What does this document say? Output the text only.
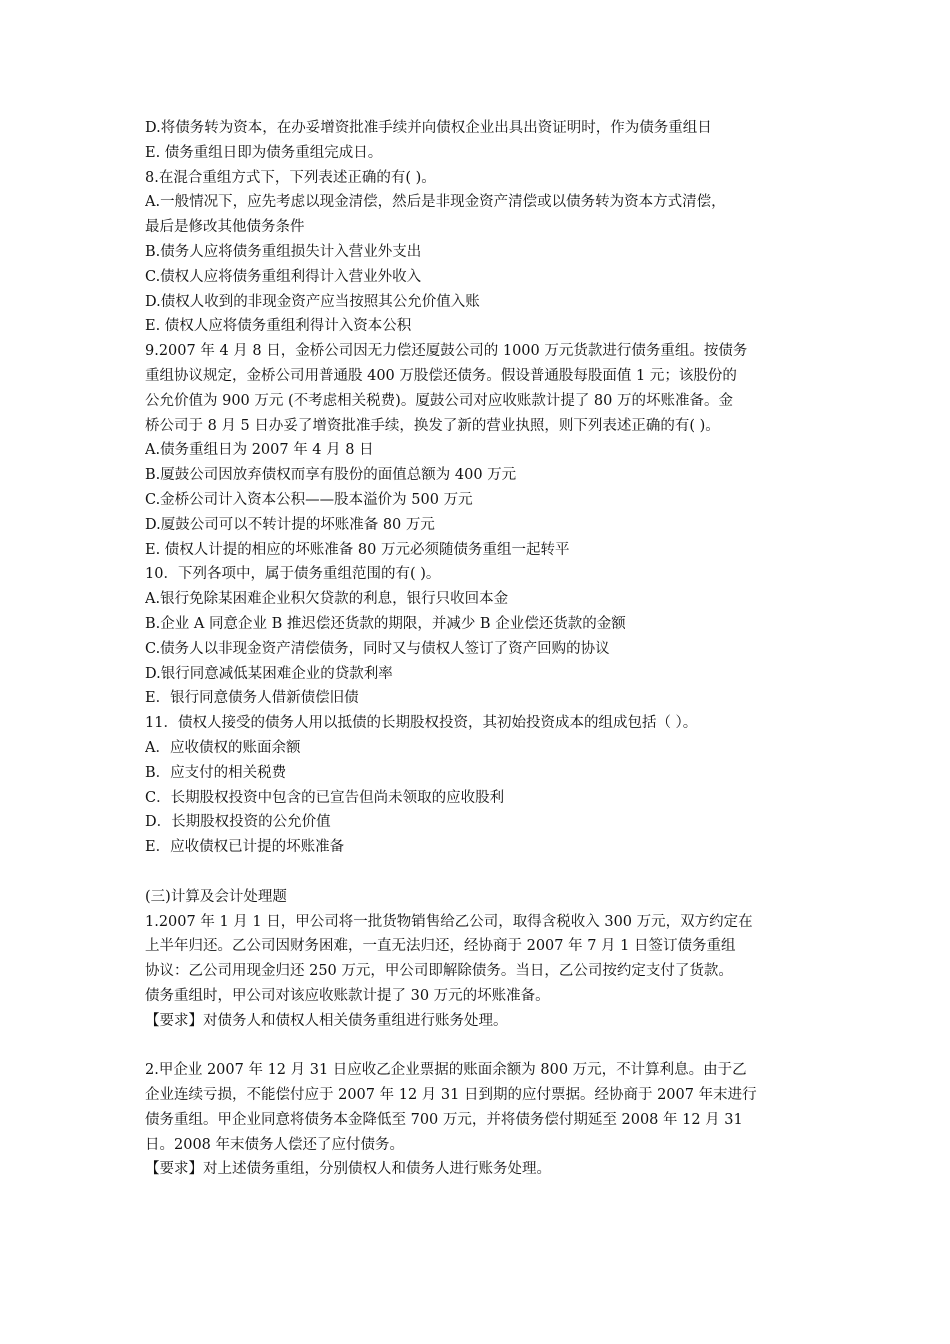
D.将债务转为资本，在办妥增资批准手续并向债权企业出具出资证明时，作为债务重组日
E. 债务重组日即为债务重组完成日。
8.在混合重组方式下，下列表述正确的有( )。
A.一般情况下，应先考虑以现金清偿，然后是非现金资产清偿或以债务转为资本方式清偿，
最后是修改其他债务条件
B.债务人应将债务重组损失计入营业外支出
C.债权人应将债务重组利得计入营业外收入
D.债权人收到的非现金资产应当按照其公允价值入账
E. 债权人应将债务重组利得计入资本公积
9.2007 年 4 月 8 日，金桥公司因无力偿还厦鼓公司的 1000 万元货款进行债务重组。按债务
重组协议规定，金桥公司用普通股 400 万股偿还债务。假设普通股每股面值 1 元；该股份的
公允价值为 900 万元 (不考虑相关税费)。厦鼓公司对应收账款计提了 80 万的坏账准备。金
桥公司于 8 月 5 日办妥了增资批准手续，换发了新的营业执照，则下列表述正确的有( )。
A.债务重组日为 2007 年 4 月 8 日
B.厦鼓公司因放弃债权而享有股份的面值总额为 400 万元
C.金桥公司计入资本公积——股本溢价为 500 万元
D.厦鼓公司可以不转计提的坏账准备 80 万元
E. 债权人计提的相应的坏账准备 80 万元必须随债务重组一起转平
10．下列各项中，属于债务重组范围的有( )。
A.银行免除某困难企业积欠贷款的利息，银行只收回本金
B.企业 A 同意企业 B 推迟偿还货款的期限，并减少 B 企业偿还货款的金额
C.债务人以非现金资产清偿债务，同时又与债权人签订了资产回购的协议
D.银行同意减低某困难企业的贷款利率
E．银行同意债务人借新债偿旧债
11．债权人接受的债务人用以抵债的长期股权投资，其初始投资成本的组成包括（ ）。
A．应收债权的账面余额
B．应支付的相关税费
C．长期股权投资中包含的已宣告但尚未领取的应收股利
D．长期股权投资的公允价值
E．应收债权已计提的坏账准备
(三)计算及会计处理题
1.2007 年 1 月 1 日，甲公司将一批货物销售给乙公司，取得含税收入 300 万元，双方约定在
上半年归还。乙公司因财务困难，一直无法归还，经协商于 2007 年 7 月 1 日签订债务重组
协议：乙公司用现金归还 250 万元，甲公司即解除债务。当日，乙公司按约定支付了货款。
债务重组时，甲公司对该应收账款计提了 30 万元的坏账准备。
【要求】对债务人和债权人相关债务重组进行账务处理。
2.甲企业 2007 年 12 月 31 日应收乙企业票据的账面余额为 800 万元，不计算利息。由于乙
企业连续亏损，不能偿付应于 2007 年 12 月 31 日到期的应付票据。经协商于 2007 年末进行
债务重组。甲企业同意将债务本金降低至 700 万元，并将债务偿付期延至 2008 年 12 月 31
日。2008 年末债务人偿还了应付债务。
【要求】对上述债务重组，分别债权人和债务人进行账务处理。
